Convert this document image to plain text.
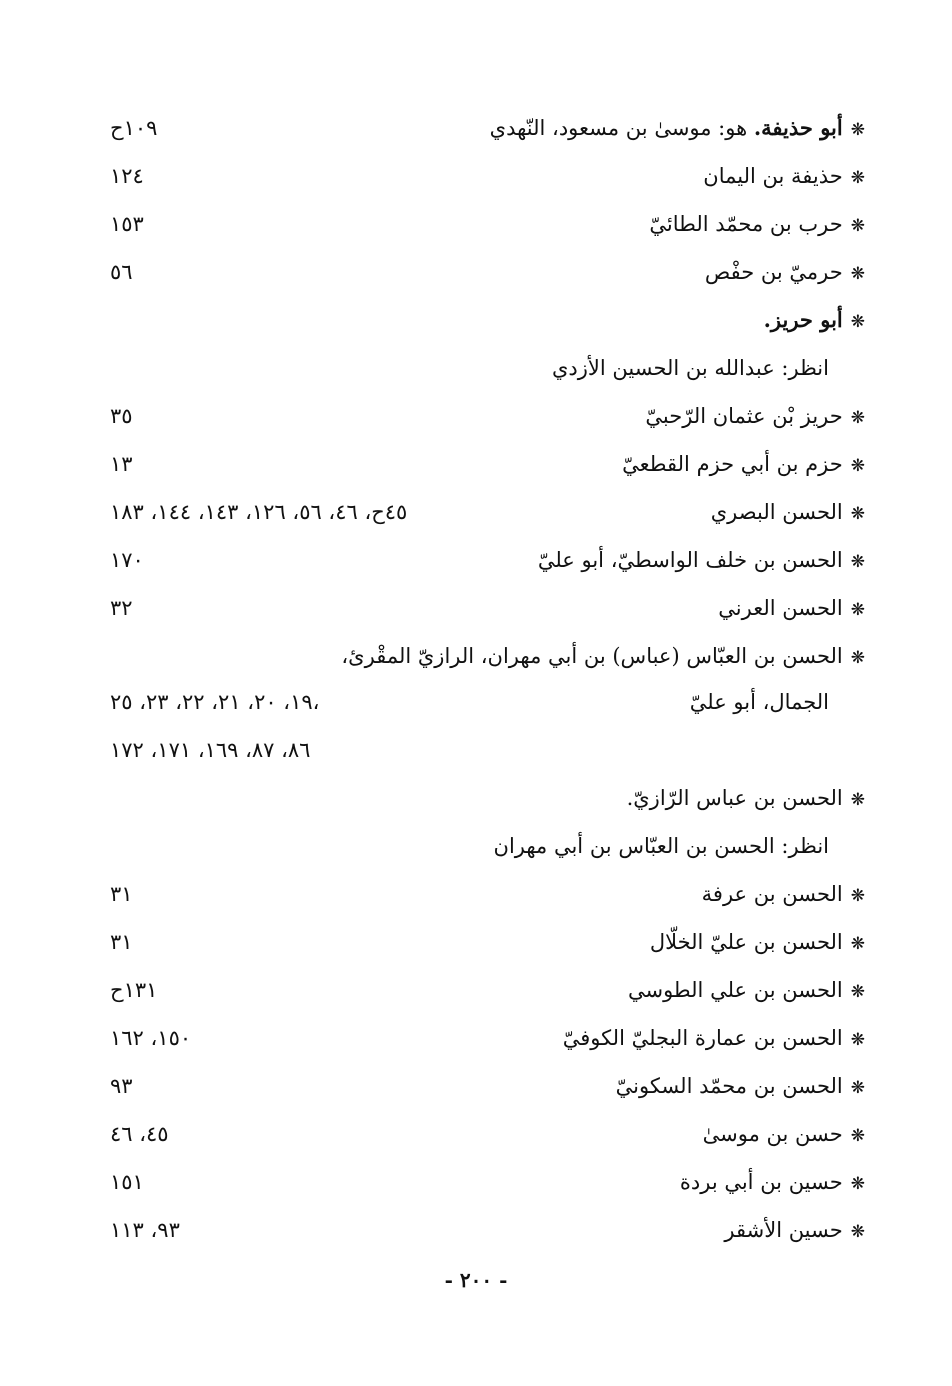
❋أبو حذيفة. هو: موسىٰ بن مسعود، النّهدي
١٠٩ح
❋حذيفة بن اليمان
١٢٤
❋حرب بن محمّد الطائيّ
١٥٣
❋حرميّ بن حفْص
٥٦
❋أبو حريز.
انظر: عبدالله بن الحسين الأزدي
❋حريز بْن عثمان الرّحبيّ
٣٥
❋حزم بن أبي حزم القطعيّ
١٣
❋الحسن البصري
٤٥ح، ٤٦، ٥٦، ١٢٦، ١٤٣، ١٤٤، ١٨٣
❋الحسن بن خلف الواسطيّ، أبو عليّ
١٧٠
❋الحسن العرني
٣٢
❋الحسن بن العبّاس (عباس) بن أبي مهران، الرازيّ المقْرئ،
الجمال، أبو عليّ
١٩، ٢٠، ٢١، ٢٢، ٢٣، ٢٥،
٨٦، ٨٧، ١٦٩، ١٧١، ١٧٢
❋الحسن بن عباس الرّازيّ.
انظر: الحسن بن العبّاس بن أبي مهران
❋الحسن بن عرفة
٣١
❋الحسن بن عليّ الخلّال
٣١
❋الحسن بن علي الطوسي
١٣١ح
❋الحسن بن عمارة البجليّ الكوفيّ
١٥٠، ١٦٢
❋الحسن بن محمّد السكونيّ
٩٣
❋حسن بن موسىٰ
٤٥، ٤٦
❋حسين بن أبي بردة
١٥١
❋حسين الأشقر
٩٣، ١١٣
- ٢٠٠ -
